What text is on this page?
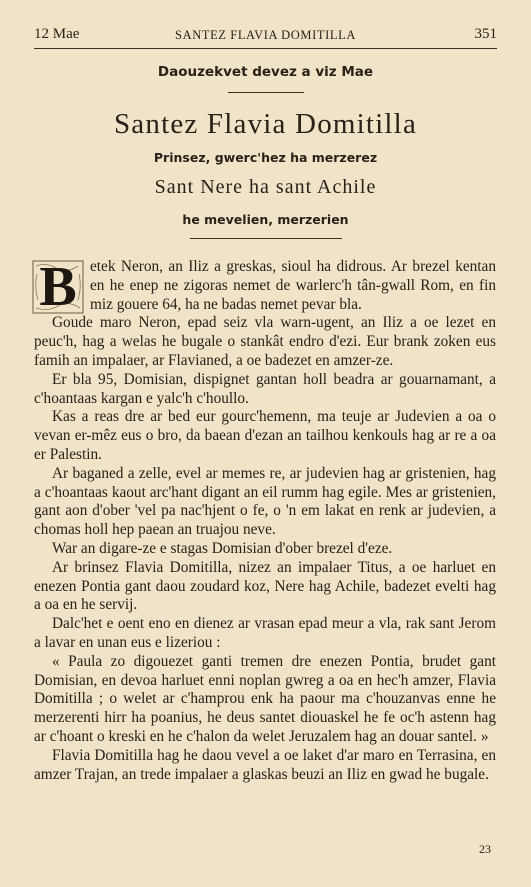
12 Mae	SANTEZ FLAVIA DOMITILLA	351
Daouzekvet devez a viz Mae
Santez Flavia Domitilla
Prinsez, gwerc'hez ha merzerez
Sant Nere ha sant Achile
he mevelien, merzerien

B etek Neron, an Iliz a greskas, sioul ha didrous. Ar brezel kentan en he enep ne zigoras nemet de warlerc'h tân-gwall Rom, en fin miz gouere 64, ha ne badas nemet pevar bla.

Goude maro Neron, epad seiz vla warn-ugent, an Iliz a oe lezet en peuc'h, hag a welas he bugale o stankât endro d'ezi. Eur brank zoken eus famih an impalaer, ar Flavianed, a oe badezet en amzer-ze.

Er bla 95, Domisian, dispignet gantan holl beadra ar gouarnamant, a c'hoantaas kargan e yalc'h c'houllo.

Kas a reas dre ar bed eur gourc'hemenn, ma teuje ar Judevien a oa o vevan er-mêz eus o bro, da baean d'ezan an tailhou kenkouls hag ar re a oa er Palestin.

Ar baganed a zelle, evel ar memes re, ar judevien hag ar gristenien, hag a c'hoantaas kaout arc'hant digant an eil rumm hag egile. Mes ar gristenien, gant aon d'ober 'vel pa nac'hjent o fe, o 'n em lakat en renk ar judevien, a chomas holl hep paean an truajou neve.

War an digare-ze e stagas Domisian d'ober brezel d'eze.

Ar brinsez Flavia Domitilla, nizez an impalaer Titus, a oe harluet en enezen Pontia gant daou zoudard koz, Nere hag Achile, badezet evelti hag a oa en he servij.

Dalc'het e oent eno en dienez ar vrasan epad meur a vla, rak sant Jerom a lavar en unan eus e lizeriou :

« Paula zo digouezet ganti tremen dre enezen Pontia, brudet gant Domisian, en devoa harluet enni noplan gwreg a oa en hec'h amzer, Flavia Domitilla ; o welet ar c'hamprou enk ha paour ma c'houzanvas enne he merzerenti hirr ha poanius, he deus santet diouaskel he fe oc'h astenn hag ar c'hoant o kreski en he c'halon da welet Jeruzalem hag an douar santel. »

Flavia Domitilla hag he daou vevel a oe laket d'ar maro en Terrasina, en amzer Trajan, an trede impalaer a glaskas beuzi an Iliz en gwad he bugale.

23
